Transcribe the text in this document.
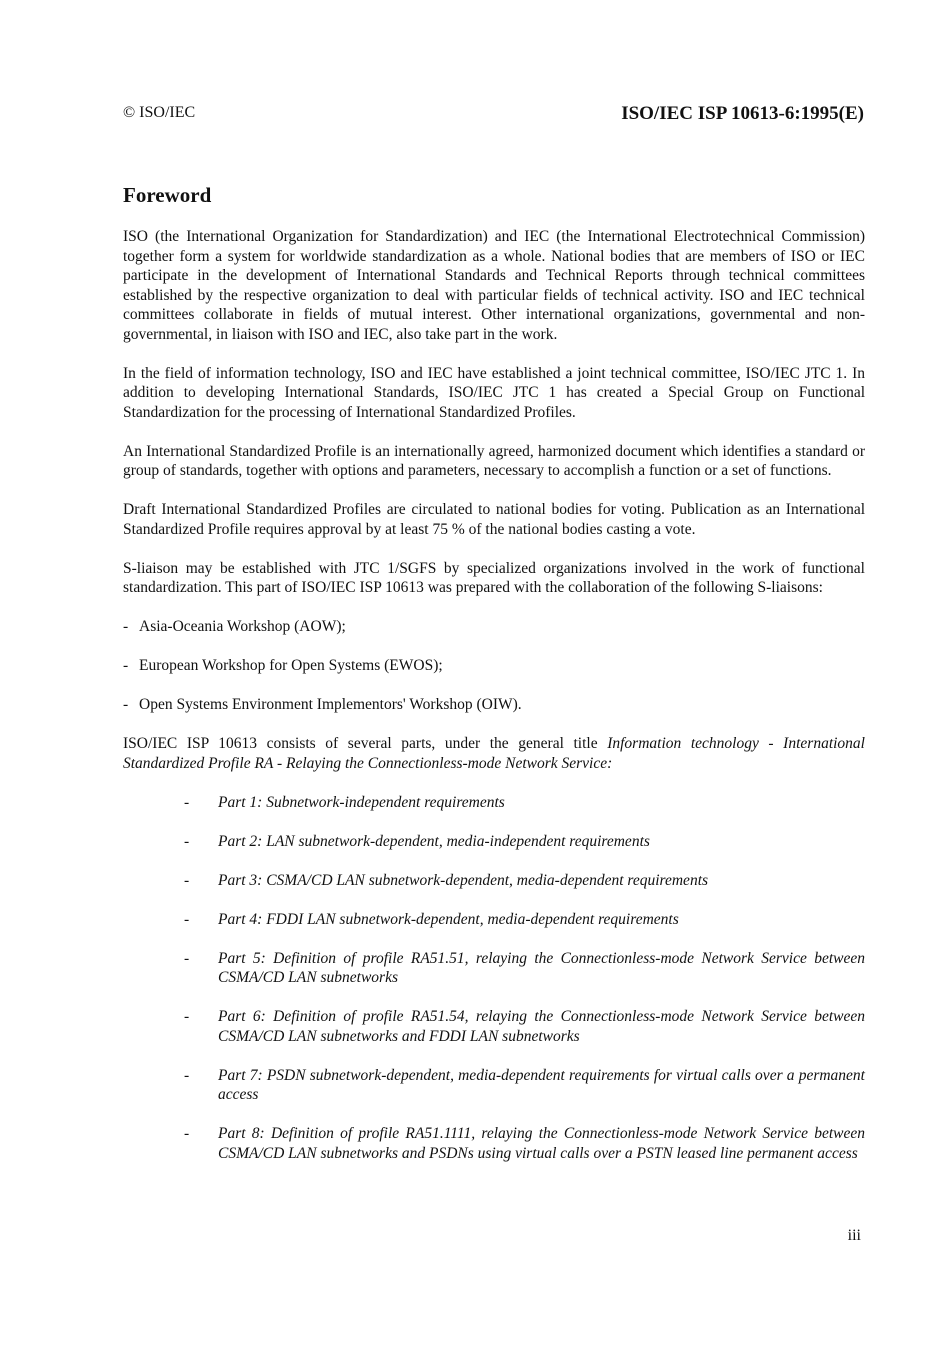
© ISO/IEC	ISO/IEC ISP 10613-6:1995(E)
Foreword

ISO (the International Organization for Standardization) and IEC (the International Electrotechnical Commission) together form a system for worldwide standardization as a whole. National bodies that are members of ISO or IEC participate in the development of International Standards and Technical Reports through technical committees established by the respective organization to deal with particular fields of technical activity. ISO and IEC technical committees collaborate in fields of mutual interest. Other international organizations, governmental and non-governmental, in liaison with ISO and IEC, also take part in the work.

In the field of information technology, ISO and IEC have established a joint technical committee, ISO/IEC JTC 1. In addition to developing International Standards, ISO/IEC JTC 1 has created a Special Group on Functional Standardization for the processing of International Standardized Profiles.

An International Standardized Profile is an internationally agreed, harmonized document which identifies a standard or group of standards, together with options and parameters, necessary to accomplish a function or a set of functions.

Draft International Standardized Profiles are circulated to national bodies for voting. Publication as an International Standardized Profile requires approval by at least 75 % of the national bodies casting a vote.

S-liaison may be established with JTC 1/SGFS by specialized organizations involved in the work of functional standardization. This part of ISO/IEC ISP 10613 was prepared with the collaboration of the following S-liaisons:

- Asia-Oceania Workshop (AOW);
- European Workshop for Open Systems (EWOS);
- Open Systems Environment Implementors' Workshop (OIW).

ISO/IEC ISP 10613 consists of several parts, under the general title Information technology - International Standardized Profile RA - Relaying the Connectionless-mode Network Service:

-	Part 1: Subnetwork-independent requirements
-	Part 2: LAN subnetwork-dependent, media-independent requirements
-	Part 3: CSMA/CD LAN subnetwork-dependent, media-dependent requirements
-	Part 4: FDDI LAN subnetwork-dependent, media-dependent requirements
-	Part 5: Definition of profile RA51.51, relaying the Connectionless-mode Network Service between CSMA/CD LAN subnetworks
-	Part 6: Definition of profile RA51.54, relaying the Connectionless-mode Network Service between CSMA/CD LAN subnetworks and FDDI LAN subnetworks
-	Part 7: PSDN subnetwork-dependent, media-dependent requirements for virtual calls over a permanent access
-	Part 8: Definition of profile RA51.1111, relaying the Connectionless-mode Network Service between CSMA/CD LAN subnetworks and PSDNs using virtual calls over a PSTN leased line permanent access
iii
